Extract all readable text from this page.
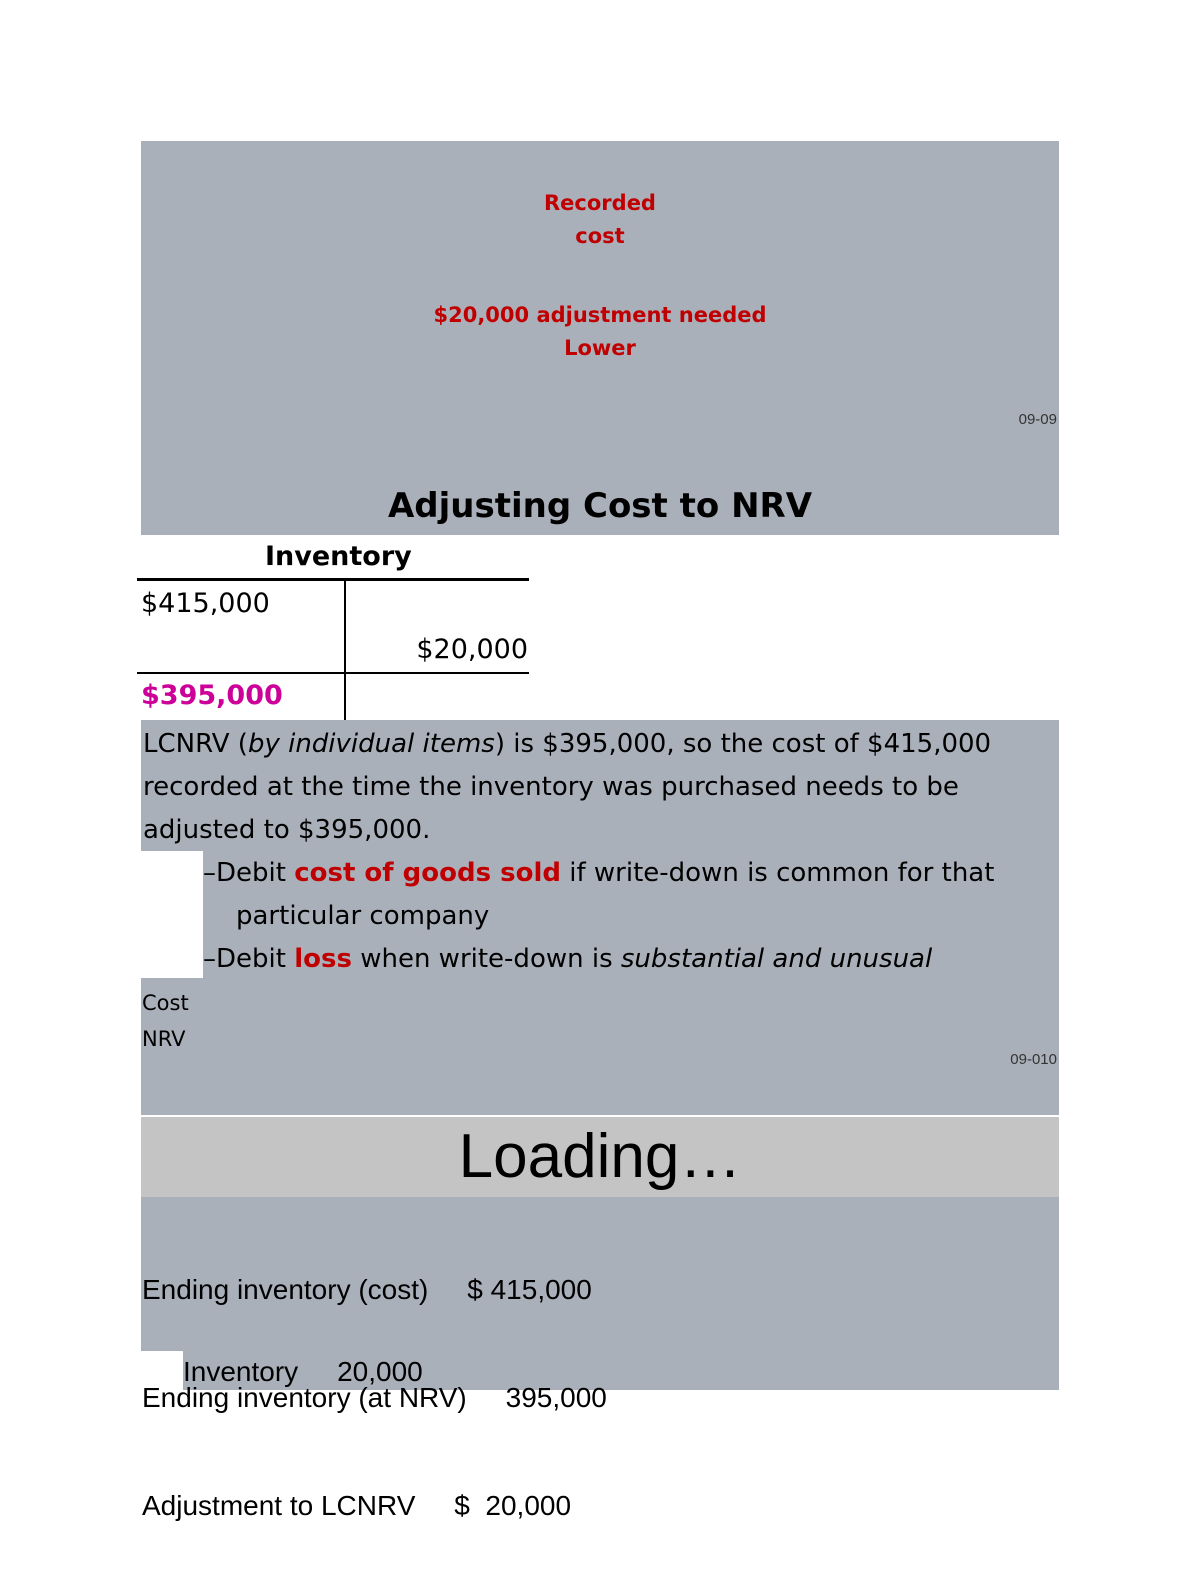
Recorded
cost
$20,000 adjustment needed
Lower
09-09
Adjusting Cost to NRV
Inventory
$415,000
$20,000
$395,000
LCNRV (by individual items) is $395,000, so the cost of $415,000
recorded at the time the inventory was purchased needs to be
adjusted to $395,000.
–Debit cost of goods sold if write-down is common for that
particular company
–Debit loss when write-down is substantial and unusual
Cost
NRV
09-010
Loading…

Ending inventory (cost)     $ 415,000

Ending inventory (at NRV)     395,000

Adjustment to LCNRV     $  20,000

Inventory     20,000
